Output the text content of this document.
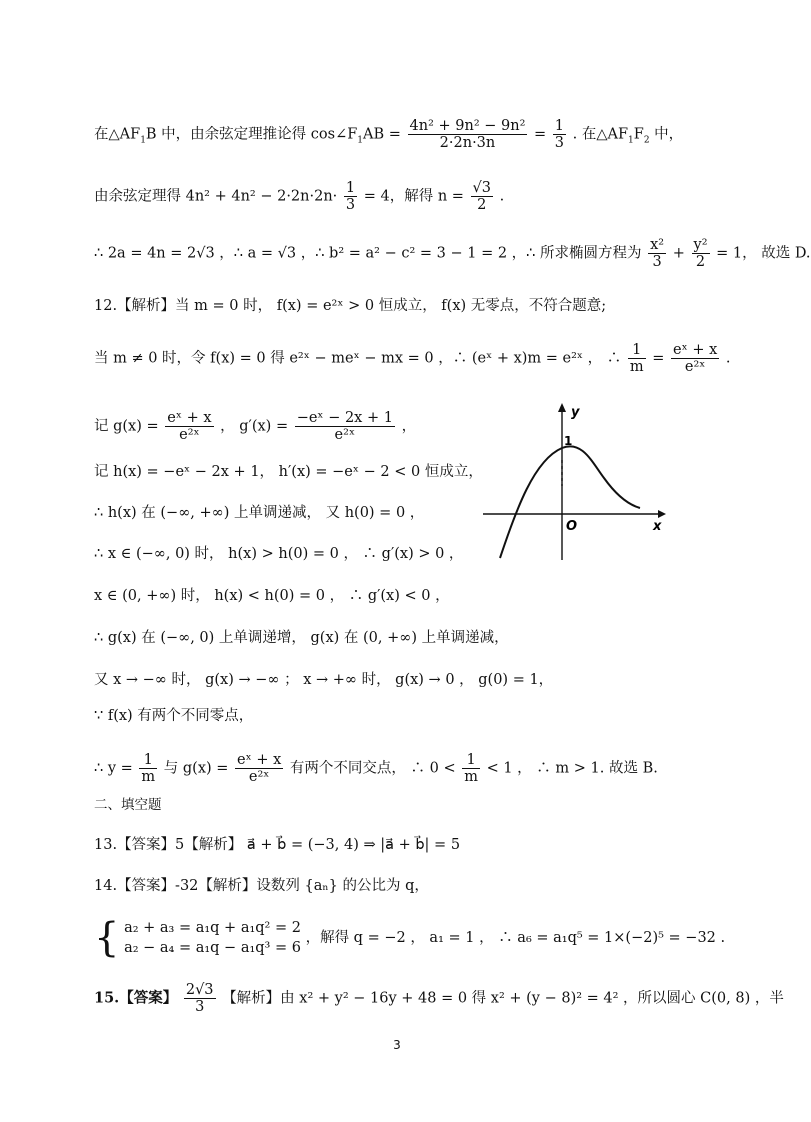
在$\triangle AF_1B$ 中，由余弦定理推论得 $\cos\angle F_1AB = \frac{\text{4n² + 9n² − 9n²}}{2\cdot 2n\cdot 3n} = \frac{1}{3}$ . 在$\triangle AF_1F_2$ 中，
由余弦定理得 $4n^2 + 4n^2 - 2\cdot 2n\cdot 2n\cdot \frac{1}{3} = 4$，解得 $n = \frac{√3}{2}$ .
∴ 2a = 4n = 2√3 ，∴ a = √3 ，∴ b² = a² − c² = 3 − 1 = 2 ，∴ 所求椭圆方程为 $\frac{\text{x²}}{3} + \frac{\text{y²}}{2} = 1$， 故选 D.
12.【解析】当 m = 0 时， f(x) = e²ˣ > 0 恒成立， f(x) 无零点，不符合题意;
当 m ≠ 0 时，令 f(x) = 0 得 e²ˣ − meˣ − mx = 0 ，∴ (eˣ + x)m = e²ˣ ， ∴ $\frac{1}{m} = \frac{\text{eˣ + x}}{\text{e²ˣ}}$ .
记 $g(x) = \frac{\text{eˣ + x}}{\text{e²ˣ}}$ ， $g'(x) = \frac{\text{−eˣ − 2x + 1}}{\text{e²ˣ}}$ ，
记 h(x) = −eˣ − 2x + 1， h′(x) = −eˣ − 2 < 0 恒成立，
∴ h(x) 在 (−∞, +∞) 上单调递减， 又 h(0) = 0 ，
∴ x ∈ (−∞, 0) 时， h(x) > h(0) = 0 ， ∴ g′(x) > 0 ，
x ∈ (0, +∞) 时， h(x) < h(0) = 0 ， ∴ g′(x) < 0 ，
∴ g(x) 在 (−∞, 0) 上单调递增， g(x) 在 (0, +∞) 上单调递减，
又 x → −∞ 时， g(x) → −∞ ； x → +∞ 时， g(x) → 0 ， g(0) = 1，
∵ f(x) 有两个不同零点，
∴ $y = \frac{1}{m}$ 与 $g(x) = \frac{\text{eˣ + x}}{\text{e²ˣ}}$ 有两个不同交点， ∴ $0 < \frac{1}{m} < 1$ ， ∴ m > 1. 故选 B.
二、填空题
13.【答案】5【解析】 a⃗ + b⃗ = (−3, 4) ⇒ |a⃗ + b⃗| = 5
14.【答案】-32【解析】设数列 {aₙ} 的公比为 q，
{ a₂ + a₃ = a₁q + a₁q² = 2
a₂ − a₄ = a₁q − a₁q³ = 6
，解得 q = −2 ， a₁ = 1 ， ∴ a₆ = a₁q⁵ = 1×(−2)⁵ = −32 .
15.【答案】 $\frac{2√3}{3}$ 【解析】由 x² + y² − 16y + 48 = 0 得 x² + (y − 8)² = 4² ，所以圆心 C(0, 8) ，半
y
x
O
1
3
